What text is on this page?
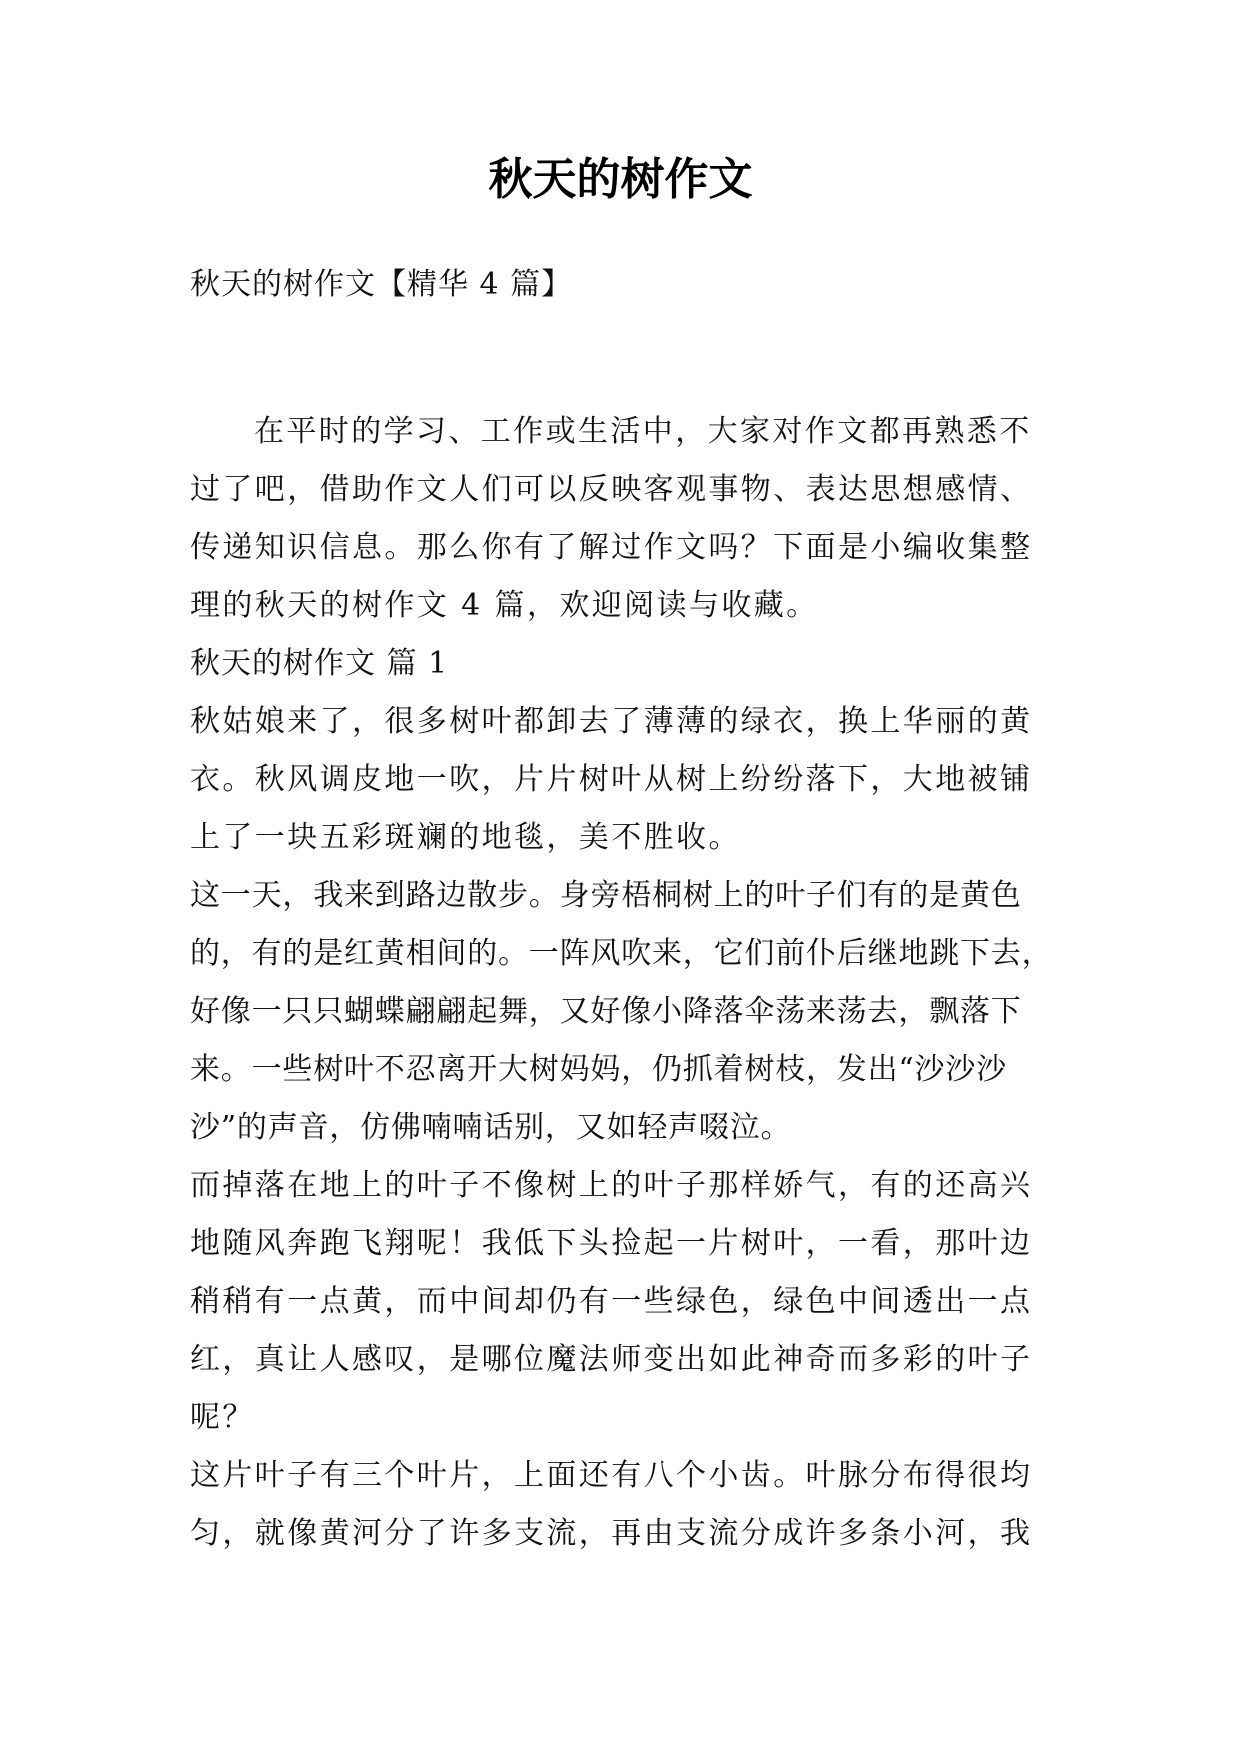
秋天的树作文

秋天的树作文【精华 4 篇】

在平时的学习、工作或生活中，大家对作文都再熟悉不过了吧，借助作文人们可以反映客观事物、表达思想感情、传递知识信息。那么你有了解过作文吗？下面是小编收集整理的秋天的树作文 4 篇，欢迎阅读与收藏。

秋天的树作文 篇 1

秋姑娘来了，很多树叶都卸去了薄薄的绿衣，换上华丽的黄衣。秋风调皮地一吹，片片树叶从树上纷纷落下，大地被铺上了一块五彩斑斓的地毯，美不胜收。

这一天，我来到路边散步。身旁梧桐树上的叶子们有的是黄色的，有的是红黄相间的。一阵风吹来，它们前仆后继地跳下去，好像一只只蝴蝶翩翩起舞，又好像小降落伞荡来荡去，飘落下来。一些树叶不忍离开大树妈妈，仍抓着树枝，发出“沙沙沙沙”的声音，仿佛喃喃话别，又如轻声啜泣。

而掉落在地上的叶子不像树上的叶子那样娇气，有的还高兴地随风奔跑飞翔呢！我低下头捡起一片树叶，一看，那叶边稍稍有一点黄，而中间却仍有一些绿色，绿色中间透出一点红，真让人感叹，是哪位魔法师变出如此神奇而多彩的叶子呢？

这片叶子有三个叶片，上面还有八个小齿。叶脉分布得很均匀，就像黄河分了许多支流，再由支流分成许多条小河，我
